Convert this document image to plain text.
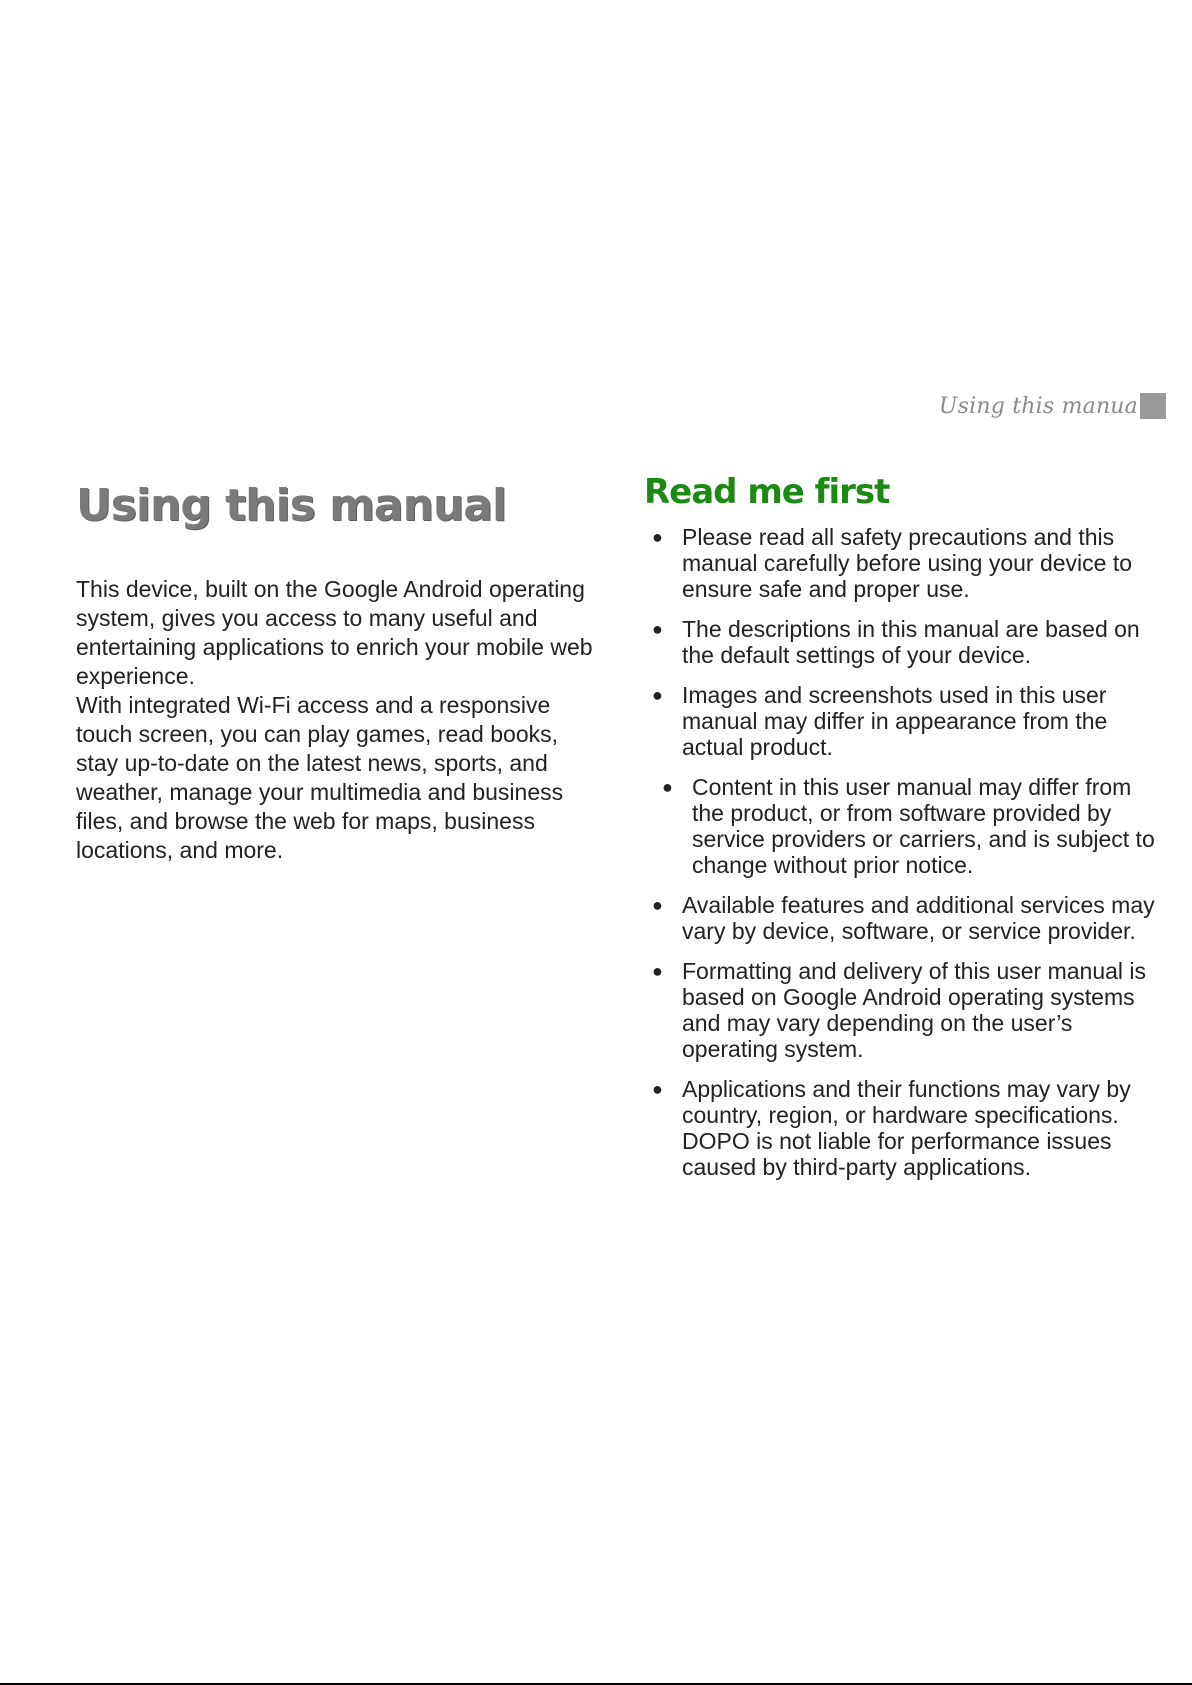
Using this manua
Using this manual

This device, built on the Google Android operating system, gives you access to many useful and entertaining applications to enrich your mobile web experience.
With integrated Wi-Fi access and a responsive touch screen, you can play games, read books, stay up-to-date on the latest news, sports, and weather, manage your multimedia and business files, and browse the web for maps, business locations, and more.

Read me first
● Please read all safety precautions and this manual carefully before using your device to ensure safe and proper use.
● The descriptions in this manual are based on the default settings of your device.
● Images and screenshots used in this user manual may differ in appearance from the actual product.
● Content in this user manual may differ from the product, or from software provided by service providers or carriers, and is subject to change without prior notice.
● Available features and additional services may vary by device, software, or service provider.
● Formatting and delivery of this user manual is based on Google Android operating systems and may vary depending on the user’s operating system.
● Applications and their functions may vary by country, region, or hardware specifications. DOPO is not liable for performance issues caused by third-party applications.
